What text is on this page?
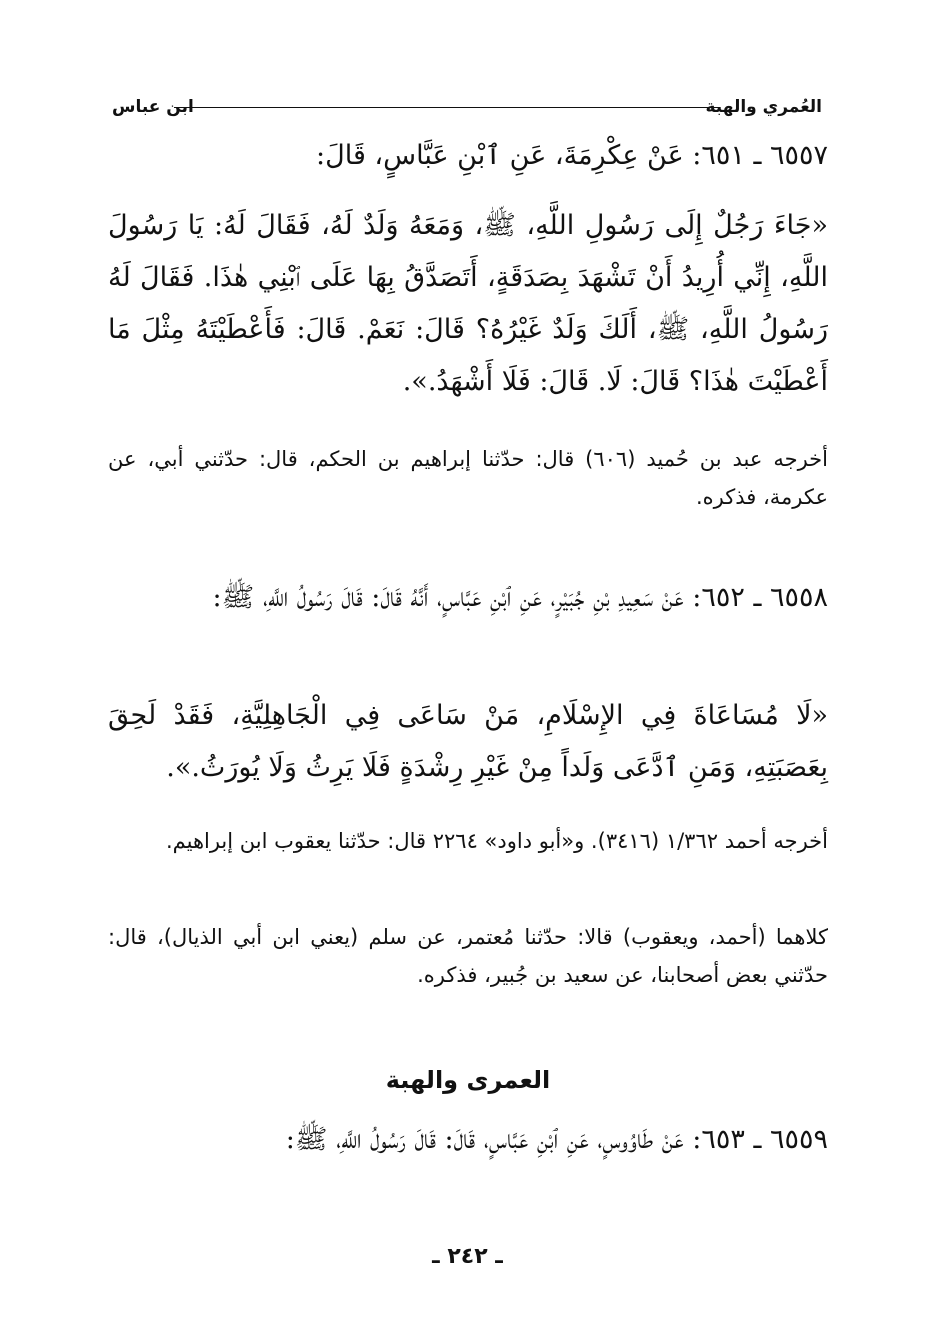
العُمري والهبة
ابن عباس
٦٥٥٧ ـ ٦٥١: عَنْ عِكْرِمَةَ، عَنِ ٱبْنِ عَبَّاسٍ، قَالَ:
«جَاءَ رَجُلٌ إِلَى رَسُولِ اللَّهِ، ﷺ، وَمَعَهُ وَلَدٌ لَهُ، فَقَالَ لَهُ: يَا رَسُولَ اللَّهِ، إِنِّي أُرِيدُ أَنْ تَشْهَدَ بِصَدَقَةٍ، أَتَصَدَّقُ بِهَا عَلَى ٱبْنِي هٰذَا. فَقَالَ لَهُ رَسُولُ اللَّهِ، ﷺ، أَلَكَ وَلَدٌ غَيْرُهُ؟ قَالَ: نَعَمْ. قَالَ: فَأَعْطَيْتَهُ مِثْلَ مَا أَعْطَيْتَ هٰذَا؟ قَالَ: لَا. قَالَ: فَلَا أَشْهَدُ.».
أخرجه عبد بن حُميد (٦٠٦) قال: حدّثنا إبراهيم بن الحكم، قال: حدّثني أبي، عن عكرمة، فذكره.
٦٥٥٨ ـ ٦٥٢: عَنْ سَعِيدِ بْنِ جُبَيْرٍ، عَنِ ٱبْنِ عَبَّاسٍ، أَنَّهُ قَالَ: قَالَ رَسُولُ اللَّهِ، ﷺ:
«لَا مُسَاعَاةَ فِي الإِسْلَامِ، مَنْ سَاعَى فِي الْجَاهِلِيَّةِ، فَقَدْ لَحِقَ بِعَصَبَتِهِ، وَمَنِ ٱدَّعَى وَلَداً مِنْ غَيْرِ رِشْدَةٍ فَلَا يَرِثُ وَلَا يُورَثُ.».
أخرجه أحمد ١/٣٦٢ (٣٤١٦). و«أبو داود» ٢٢٦٤ قال: حدّثنا يعقوب ابن إبراهيم.
كلاهما (أحمد، ويعقوب) قالا: حدّثنا مُعتمر، عن سلم (يعني ابن أبي الذيال)، قال: حدّثني بعض أصحابنا، عن سعيد بن جُبير، فذكره.
العمرى والهبة
٦٥٥٩ ـ ٦٥٣: عَنْ طَاوُوسٍ، عَنِ ٱبْنِ عَبَّاسٍ، قَالَ: قَالَ رَسُولُ اللَّهِ، ﷺ:
ـ ٢٤٢ ـ
